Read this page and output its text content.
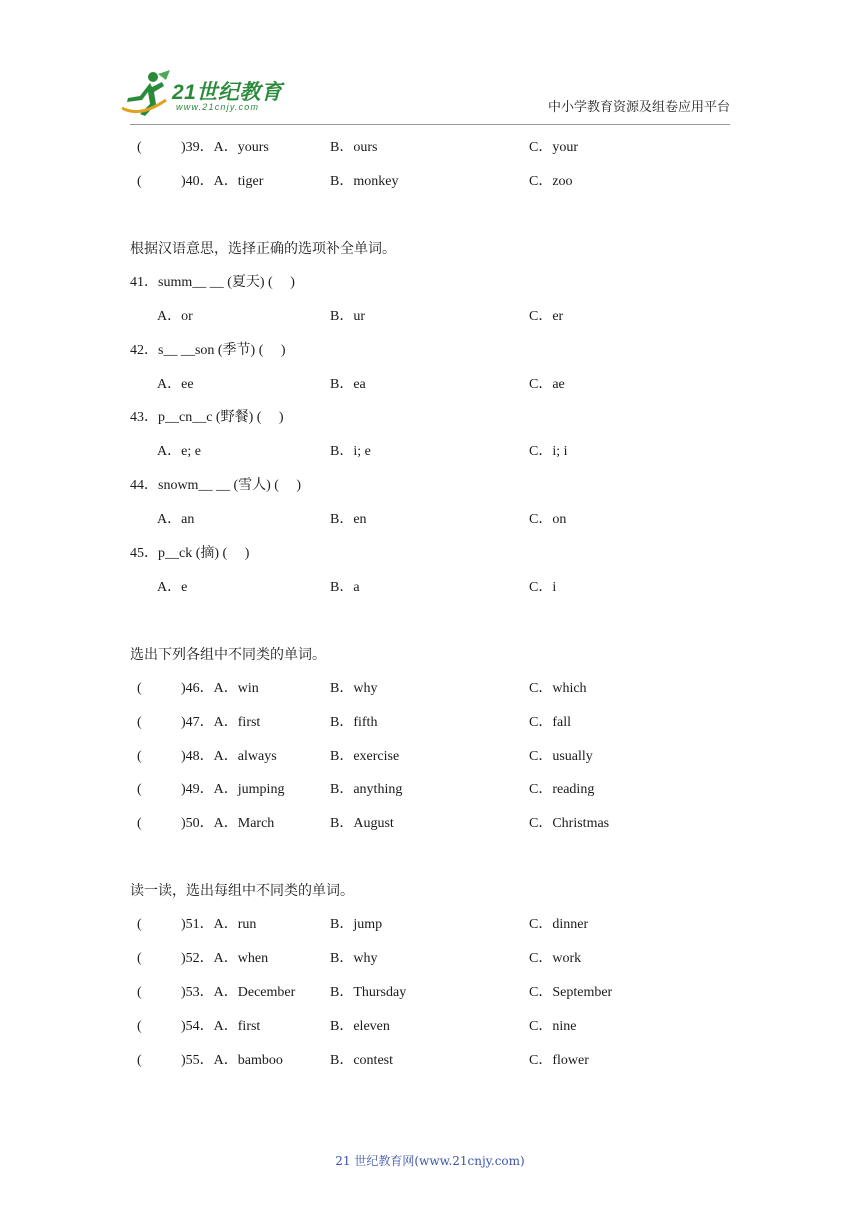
21世纪教育
www.21cnjy.com	中小学教育资源及组卷应用平台
(	)39．A．yours	B．ours	C．your
(	)40．A．tiger	B．monkey	C．zoo
根据汉语意思，选择正确的选项补全单词。
41．summ__ __ (夏天) (     )
A．or	B．ur	C．er
42．s__ __son (季节) (     )
A．ee	B．ea	C．ae
43．p__cn__c (野餐) (     )
A．e; e	B．i; e	C．i; i
44．snowm__ __ (雪人) (     )
A．an	B．en	C．on
45．p__ck (摘) (     )
A．e	B．a	C．i
选出下列各组中不同类的单词。
(	)46．A．win	B．why	C．which
(	)47．A．first	B．fifth	C．fall
(	)48．A．always	B．exercise	C．usually
(	)49．A．jumping	B．anything	C．reading
(	)50．A．March	B．August	C．Christmas
读一读，选出每组中不同类的单词。
(	)51．A．run	B．jump	C．dinner
(	)52．A．when	B．why	C．work
(	)53．A．December B．Thursday	C．September
(	)54．A．first	B．eleven	C．nine
(	)55．A．bamboo	B．contest	C．flower
21 世纪教育网(www.21cnjy.com)
